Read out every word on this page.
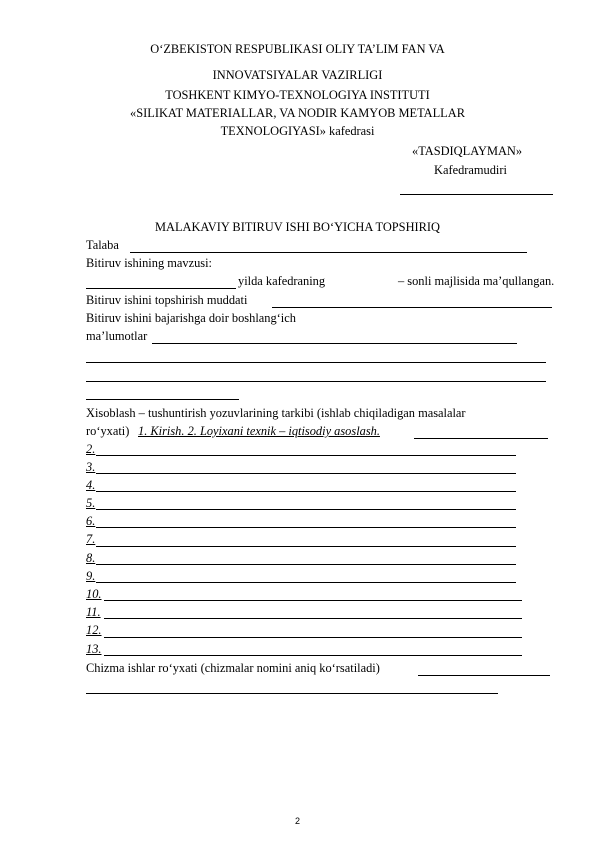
O‘ZBEKISTON RESPUBLIKASI OLIY TA’LIM FAN VA
INNOVATSIYALAR VAZIRLIGI
TOSHKENT KIMYO-TEXNOLOGIYA INSTITUTI
«SILIKAT MATERIALLAR, VA NODIR KAMYOB METALLAR
TEXNOLOGIYASI» kafedrasi
«TASDIQLAYMAN»
Kafedramudiri
MALAKAVIY BITIRUV ISHI BO‘YICHA TOPSHIRIQ
Talaba
Bitiruv ishining mavzusi:
yilda kafedraning	– sonli majlisida ma’qullangan.
Bitiruv ishini topshirish muddati
Bitiruv ishini bajarishga doir boshlang‘ich
ma’lumotlar
Xisoblash – tushuntirish yozuvlarining tarkibi (ishlab chiqiladigan masalalar
ro‘yxati) 1. Kirish. 2. Loyixani texnik – iqtisodiy asoslash.
2.
3.
4.
5.
6.
7.
8.
9.
10.
11.
12.
13.
Chizma ishlar ro‘yxati (chizmalar nomini aniq ko‘rsatiladi)
2
